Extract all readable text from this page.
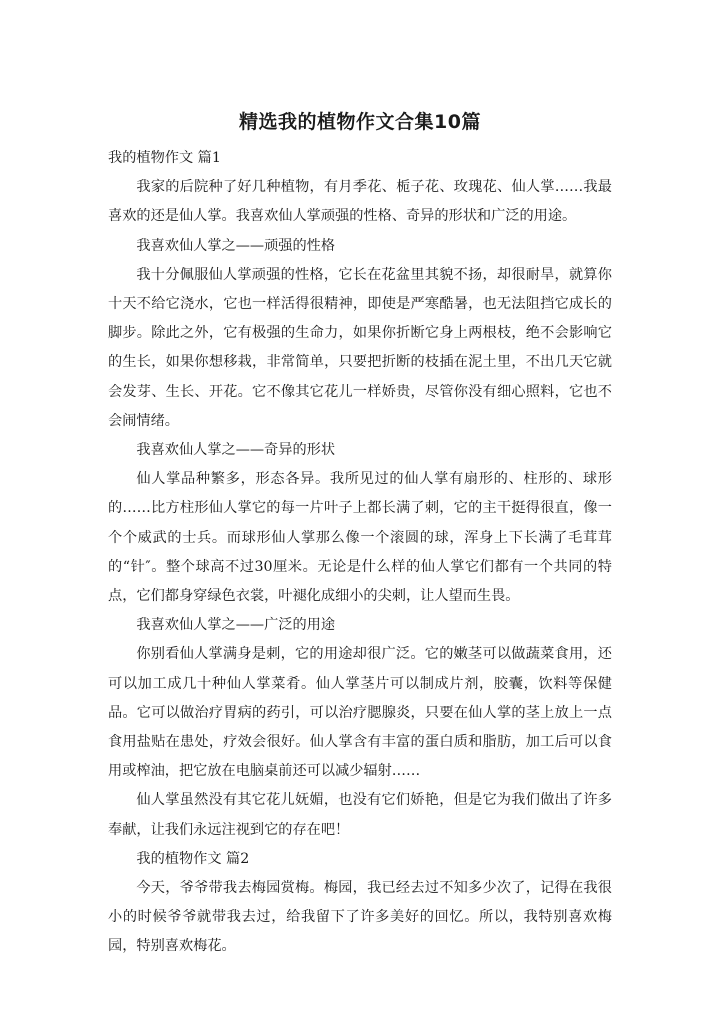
精选我的植物作文合集10篇

我的植物作文 篇1

我家的后院种了好几种植物，有月季花、栀子花、玫瑰花、仙人掌……我最喜欢的还是仙人掌。我喜欢仙人掌顽强的性格、奇异的形状和广泛的用途。

我喜欢仙人掌之——顽强的性格

我十分佩服仙人掌顽强的性格，它长在花盆里其貌不扬，却很耐旱，就算你十天不给它浇水，它也一样活得很精神，即使是严寒酷暑，也无法阻挡它成长的脚步。除此之外，它有极强的生命力，如果你折断它身上两根枝，绝不会影响它的生长，如果你想移栽，非常简单，只要把折断的枝插在泥土里，不出几天它就会发芽、生长、开花。它不像其它花儿一样娇贵，尽管你没有细心照料，它也不会闹情绪。

我喜欢仙人掌之——奇异的形状

仙人掌品种繁多，形态各异。我所见过的仙人掌有扇形的、柱形的、球形的……比方柱形仙人掌它的每一片叶子上都长满了刺，它的主干挺得很直，像一个个威武的士兵。而球形仙人掌那么像一个滚圆的球，浑身上下长满了毛茸茸的“针″。整个球高不过30厘米。无论是什么样的仙人掌它们都有一个共同的特点，它们都身穿绿色衣裳，叶褪化成细小的尖刺，让人望而生畏。

我喜欢仙人掌之——广泛的用途

你别看仙人掌满身是刺，它的用途却很广泛。它的嫩茎可以做蔬菜食用，还可以加工成几十种仙人掌菜肴。仙人掌茎片可以制成片剂，胶囊，饮料等保健品。它可以做治疗胃病的药引，可以治疗腮腺炎，只要在仙人掌的茎上放上一点食用盐贴在患处，疗效会很好。仙人掌含有丰富的蛋白质和脂肪，加工后可以食用或榨油，把它放在电脑桌前还可以减少辐射……

仙人掌虽然没有其它花儿妩媚，也没有它们娇艳，但是它为我们做出了许多奉献，让我们永远注视到它的存在吧！

我的植物作文 篇2

今天，爷爷带我去梅园赏梅。梅园，我已经去过不知多少次了，记得在我很小的时候爷爷就带我去过，给我留下了许多美好的回忆。所以，我特别喜欢梅园，特别喜欢梅花。
